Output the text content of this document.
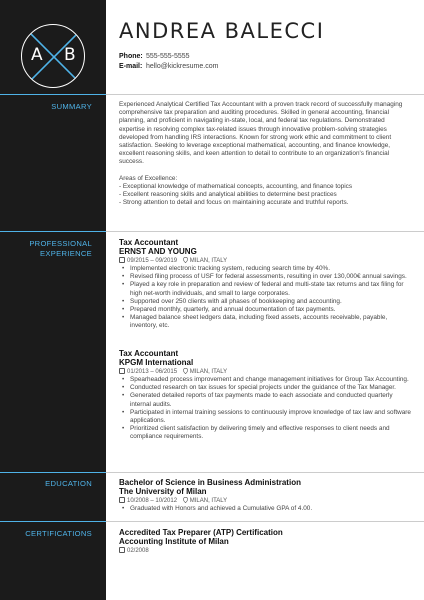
A B
ANDREA BALECCI
Phone: 555-555-5555
E-mail: hello@kickresume.com
SUMMARY	Experienced Analytical Certified Tax Accountant with a proven track record of successfully managing comprehensive tax preparation and auditing procedures. Skilled in general accounting, financial planning, and proficient in navigating in-state, local, and federal tax regulations. Demonstrated expertise in resolving complex tax-related issues through innovative problem-solving strategies developed from handling IRS interactions. Known for strong work ethic and commitment to client satisfaction. Seeking to leverage exceptional mathematical, accounting, and finance knowledge, excellent reasoning skills, and keen attention to detail to contribute to an organization's financial success.
Areas of Excellence:
- Exceptional knowledge of mathematical concepts, accounting, and finance topics
- Excellent reasoning skills and analytical abilities to determine best practices
- Strong attention to detail and focus on maintaining accurate and truthful reports.
PROFESSIONAL
EXPERIENCE
Tax Accountant
ERNST AND YOUNG
09/2015 – 09/2019 MILAN, ITALY
• Implemented electronic tracking system, reducing search time by 40%.
• Revised filing process of USF for federal assessments, resulting in over 130,000€ annual savings.
• Played a key role in preparation and review of federal and multi-state tax returns and tax filing for high net-worth individuals, and small to large corporates.
• Supported over 250 clients with all phases of bookkeeping and accounting.
• Prepared monthly, quarterly, and annual documentation of tax payments.
• Managed balance sheet ledgers data, including fixed assets, accounts receivable, payable, inventory, etc.
Tax Accountant
KPGM International
01/2013 – 06/2015 MILAN, ITALY
• Spearheaded process improvement and change management initiatives for Group Tax Accounting.
• Conducted research on tax issues for special projects under the guidance of the Tax Manager.
• Generated detailed reports of tax payments made to each associate and conducted quarterly internal audits.
• Participated in internal training sessions to continuously improve knowledge of tax law and software applications.
• Prioritized client satisfaction by delivering timely and effective responses to client needs and compliance requirements.
EDUCATION	Bachelor of Science in Business Administration
The University of Milan
10/2008 – 10/2012 MILAN, ITALY
• Graduated with Honors and achieved a Cumulative GPA of 4.00.
CERTIFICATIONS	Accredited Tax Preparer (ATP) Certification
Accounting Institute of Milan
02/2008
